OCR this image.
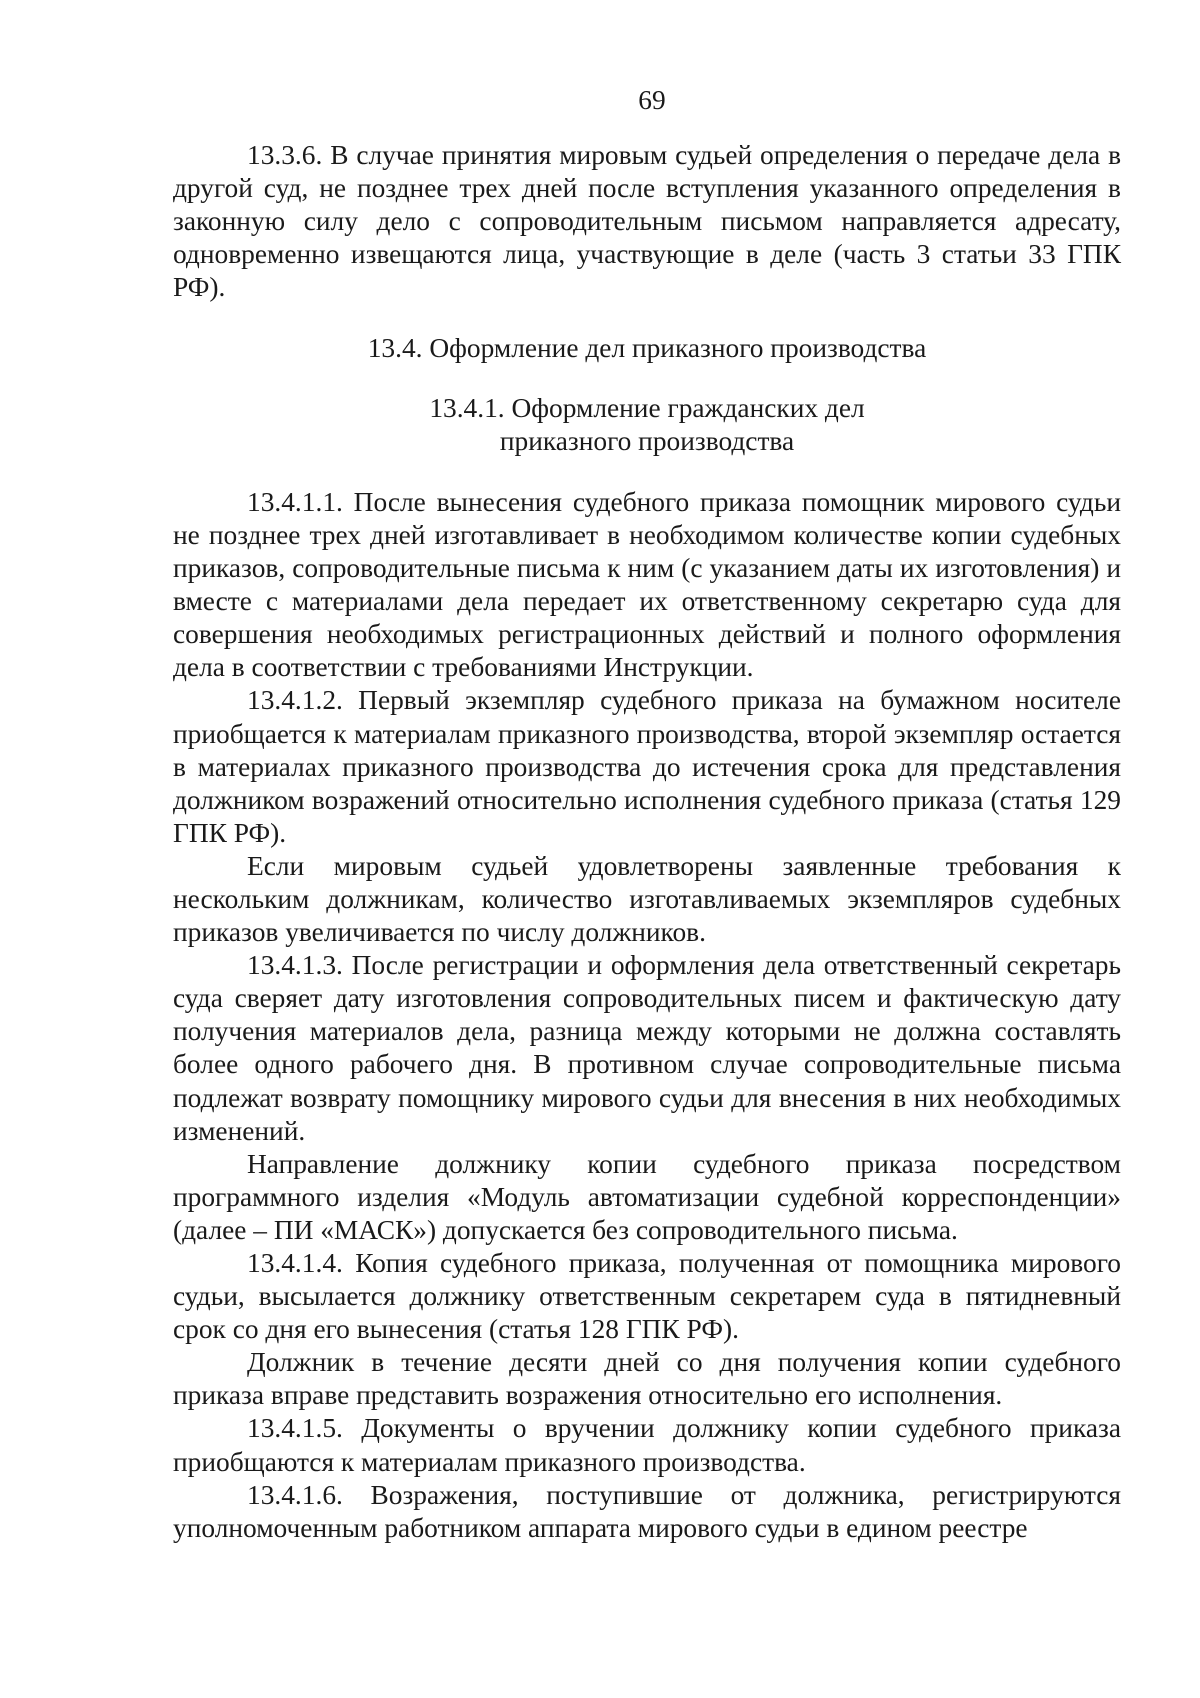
69

13.3.6. В случае принятия мировым судьей определения о передаче дела в другой суд, не позднее трех дней после вступления указанного определения в законную силу дело с сопроводительным письмом направляется адресату, одновременно извещаются лица, участвующие в деле (часть 3 статьи 33 ГПК РФ).

13.4. Оформление дел приказного производства
13.4.1. Оформление гражданских дел
приказного производства

13.4.1.1. После вынесения судебного приказа помощник мирового судьи не позднее трех дней изготавливает в необходимом количестве копии судебных приказов, сопроводительные письма к ним (с указанием даты их изготовления) и вместе с материалами дела передает их ответственному секретарю суда для совершения необходимых регистрационных действий и полного оформления дела в соответствии с требованиями Инструкции.

13.4.1.2. Первый экземпляр судебного приказа на бумажном носителе приобщается к материалам приказного производства, второй экземпляр остается в материалах приказного производства до истечения срока для представления должником возражений относительно исполнения судебного приказа (статья 129 ГПК РФ).

Если мировым судьей удовлетворены заявленные требования к нескольким должникам, количество изготавливаемых экземпляров судебных приказов увеличивается по числу должников.

13.4.1.3. После регистрации и оформления дела ответственный секретарь суда сверяет дату изготовления сопроводительных писем и фактическую дату получения материалов дела, разница между которыми не должна составлять более одного рабочего дня. В противном случае сопроводительные письма подлежат возврату помощнику мирового судьи для внесения в них необходимых изменений.

Направление должнику копии судебного приказа посредством программного изделия «Модуль автоматизации судебной корреспонденции» (далее – ПИ «МАСК») допускается без сопроводительного письма.

13.4.1.4. Копия судебного приказа, полученная от помощника мирового судьи, высылается должнику ответственным секретарем суда в пятидневный срок со дня его вынесения (статья 128 ГПК РФ).

Должник в течение десяти дней со дня получения копии судебного приказа вправе представить возражения относительно его исполнения.

13.4.1.5. Документы о вручении должнику копии судебного приказа приобщаются к материалам приказного производства.

13.4.1.6. Возражения, поступившие от должника, регистрируются уполномоченным работником аппарата мирового судьи в едином реестре
